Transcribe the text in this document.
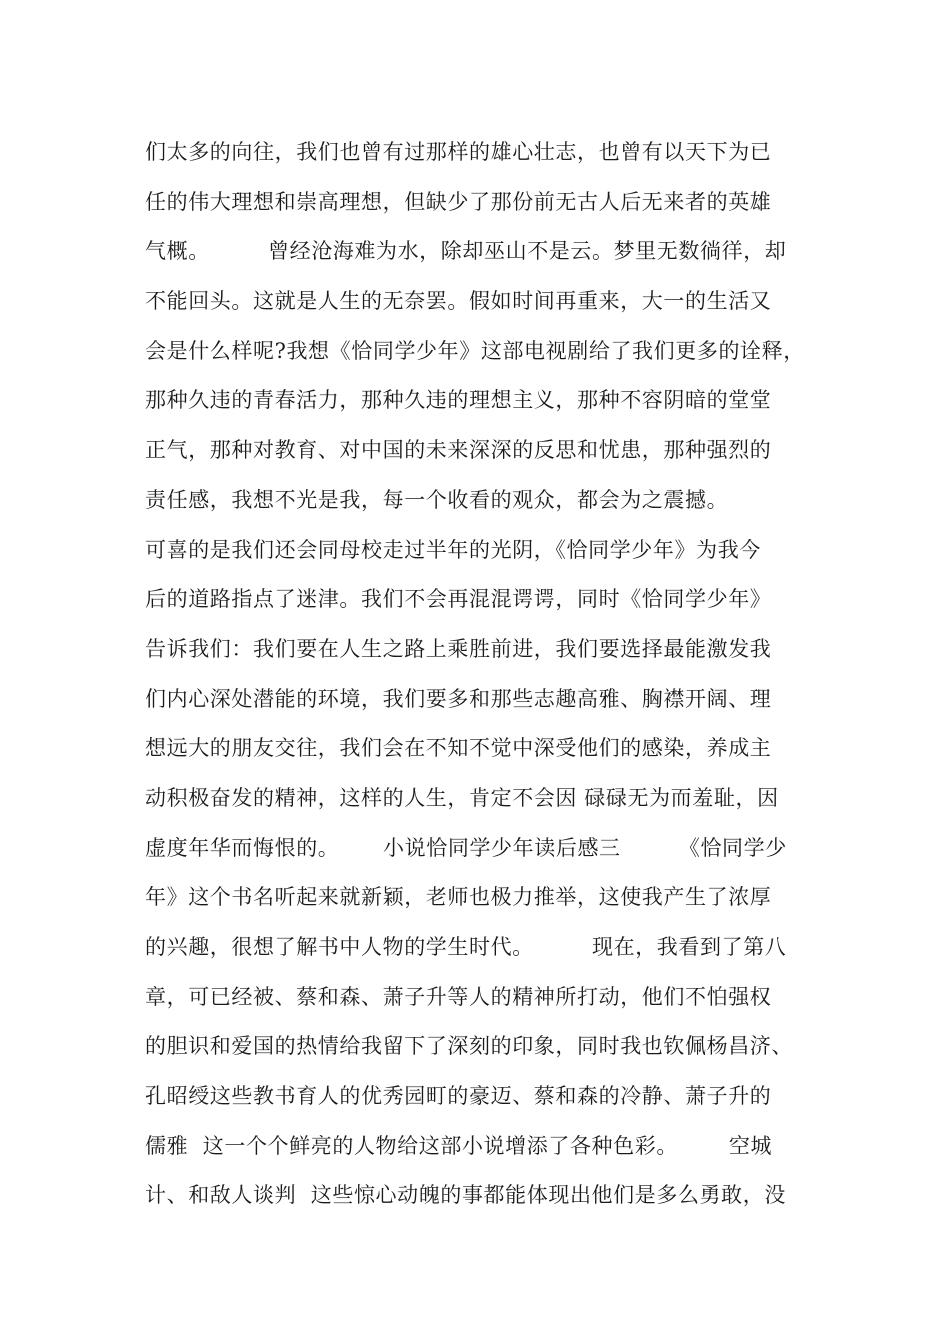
们太多的向往，我们也曾有过那样的雄心壮志，也曾有以天下为已
任的伟大理想和崇高理想，但缺少了那份前无古人后无来者的英雄
气概。        曾经沧海难为水，除却巫山不是云。梦里无数徜徉，却
不能回头。这就是人生的无奈罢。假如时间再重来，大一的生活又
会是什么样呢?我想《恰同学少年》这部电视剧给了我们更多的诠释，
那种久违的青春活力，那种久违的理想主义，那种不容阴暗的堂堂
正气，那种对教育、对中国的未来深深的反思和忧患，那种强烈的
责任感，我想不光是我，每一个收看的观众，都会为之震撼。
可喜的是我们还会同母校走过半年的光阴，《恰同学少年》为我今
后的道路指点了迷津。我们不会再混混谔谔，同时《恰同学少年》
告诉我们：我们要在人生之路上乘胜前进，我们要选择最能激发我
们内心深处潜能的环境，我们要多和那些志趣高雅、胸襟开阔、理
想远大的朋友交往，我们会在不知不觉中深受他们的感染，养成主
动积极奋发的精神，这样的人生，肯定不会因 碌碌无为而羞耻，因
虚度年华而悔恨的。      小说恰同学少年读后感三        《恰同学少
年》这个书名听起来就新颖，老师也极力推举，这使我产生了浓厚
的兴趣，很想了解书中人物的学生时代。        现在，我看到了第八
章，可已经被、蔡和森、萧子升等人的精神所打动，他们不怕强权
的胆识和爱国的热情给我留下了深刻的印象，同时我也钦佩杨昌济、
孔昭绶这些教书育人的优秀园町的豪迈、蔡和森的冷静、萧子升的
儒雅  这一个个鲜亮的人物给这部小说增添了各种色彩。       空城
计、和敌人谈判  这些惊心动魄的事都能体现出他们是多么勇敢，没
